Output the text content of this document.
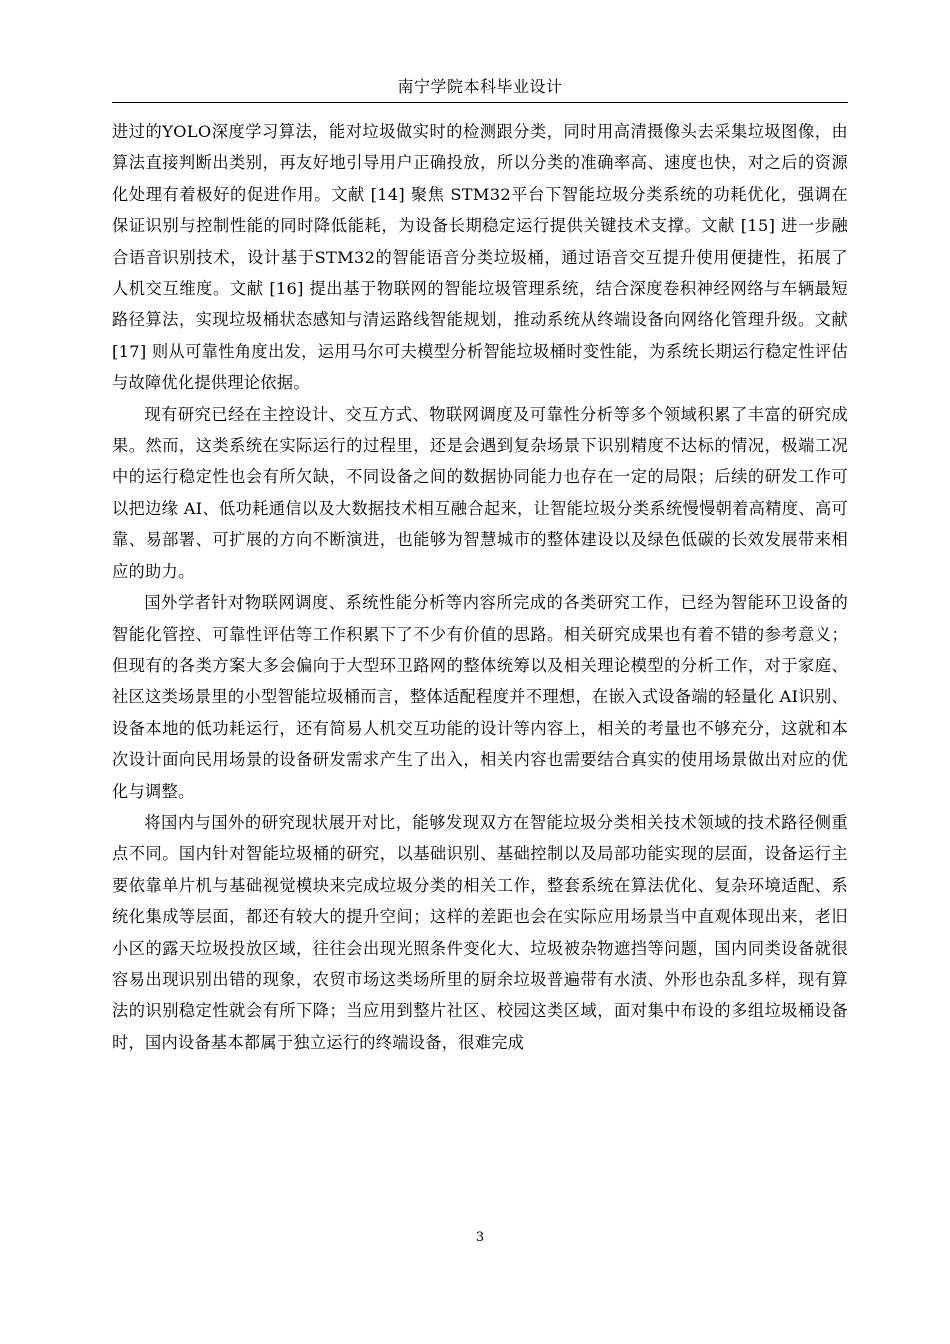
南宁学院本科毕业设计

进过的YOLO深度学习算法，能对垃圾做实时的检测跟分类，同时用高清摄像头去采集垃圾图像，由算法直接判断出类别，再友好地引导用户正确投放，所以分类的准确率高、速度也快，对之后的资源化处理有着极好的促进作用。文献 [14] 聚焦 STM32平台下智能垃圾分类系统的功耗优化，强调在保证识别与控制性能的同时降低能耗，为设备长期稳定运行提供关键技术支撑。文献 [15] 进一步融合语音识别技术，设计基于STM32的智能语音分类垃圾桶，通过语音交互提升使用便捷性，拓展了人机交互维度。文献 [16] 提出基于物联网的智能垃圾管理系统，结合深度卷积神经网络与车辆最短路径算法，实现垃圾桶状态感知与清运路线智能规划，推动系统从终端设备向网络化管理升级。文献 [17] 则从可靠性角度出发，运用马尔可夫模型分析智能垃圾桶时变性能，为系统长期运行稳定性评估与故障优化提供理论依据。

现有研究已经在主控设计、交互方式、物联网调度及可靠性分析等多个领域积累了丰富的研究成果。然而，这类系统在实际运行的过程里，还是会遇到复杂场景下识别精度不达标的情况，极端工况中的运行稳定性也会有所欠缺，不同设备之间的数据协同能力也存在一定的局限；后续的研发工作可以把边缘 AI、低功耗通信以及大数据技术相互融合起来，让智能垃圾分类系统慢慢朝着高精度、高可靠、易部署、可扩展的方向不断演进，也能够为智慧城市的整体建设以及绿色低碳的长效发展带来相应的助力。

国外学者针对物联网调度、系统性能分析等内容所完成的各类研究工作，已经为智能环卫设备的智能化管控、可靠性评估等工作积累下了不少有价值的思路。相关研究成果也有着不错的参考意义；但现有的各类方案大多会偏向于大型环卫路网的整体统筹以及相关理论模型的分析工作，对于家庭、社区这类场景里的小型智能垃圾桶而言，整体适配程度并不理想，在嵌入式设备端的轻量化 AI识别、设备本地的低功耗运行，还有简易人机交互功能的设计等内容上，相关的考量也不够充分，这就和本次设计面向民用场景的设备研发需求产生了出入，相关内容也需要结合真实的使用场景做出对应的优化与调整。

将国内与国外的研究现状展开对比，能够发现双方在智能垃圾分类相关技术领域的技术路径侧重点不同。国内针对智能垃圾桶的研究，以基础识别、基础控制以及局部功能实现的层面，设备运行主要依靠单片机与基础视觉模块来完成垃圾分类的相关工作，整套系统在算法优化、复杂环境适配、系统化集成等层面，都还有较大的提升空间；这样的差距也会在实际应用场景当中直观体现出来，老旧小区的露天垃圾投放区域，往往会出现光照条件变化大、垃圾被杂物遮挡等问题，国内同类设备就很容易出现识别出错的现象，农贸市场这类场所里的厨余垃圾普遍带有水渍、外形也杂乱多样，现有算法的识别稳定性就会有所下降；当应用到整片社区、校园这类区域，面对集中布设的多组垃圾桶设备时，国内设备基本都属于独立运行的终端设备，很难完成

3
